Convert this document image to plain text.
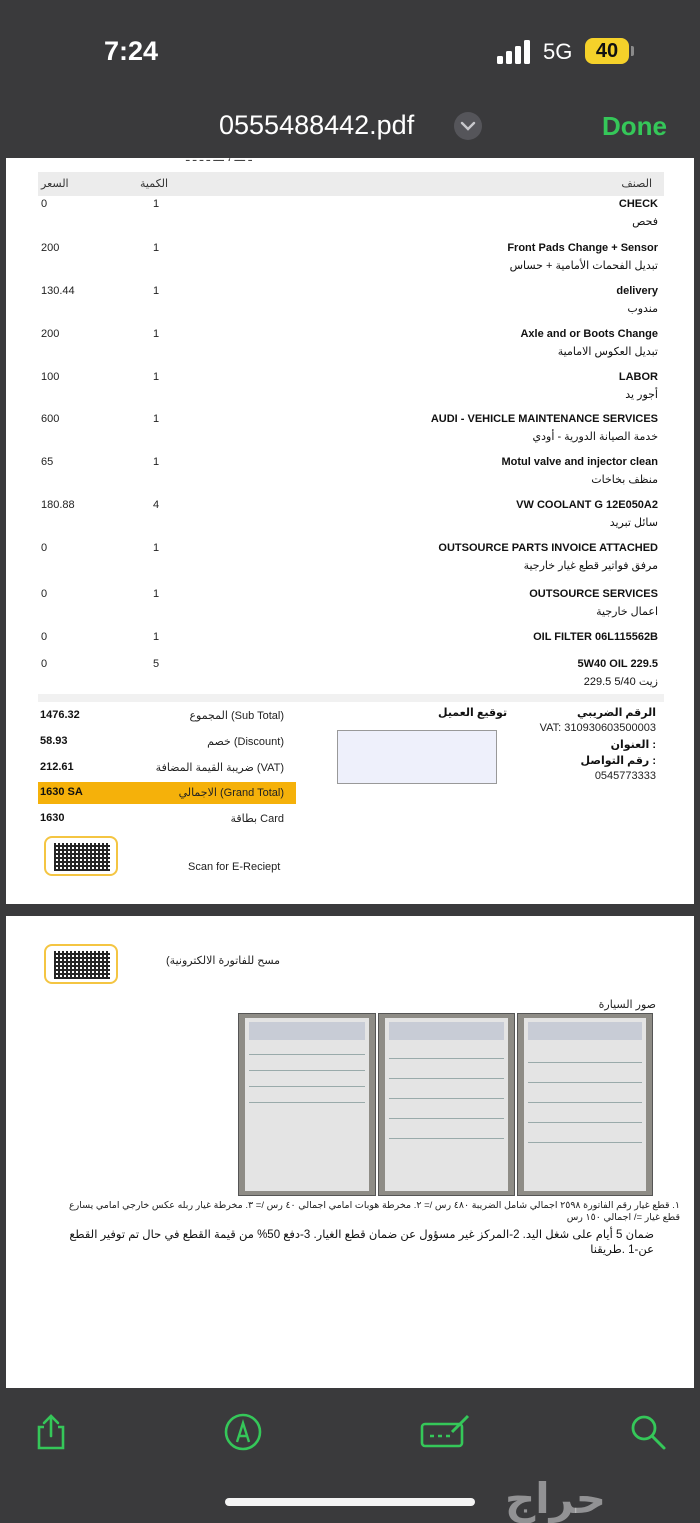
7:24	5G	40
0555488442.pdf	Done
ـ ـــ ، ـــ ـ ـ ـ ـ
السعر	الكمية	الصنف
0	1	CHECK
فحص
200	1	Front Pads Change + Sensor
تبديل الفحمات الأمامية + حساس
130.44	1	delivery
مندوب
200	1	Axle and or Boots Change
تبديل العكوس الامامية
100	1	LABOR
أجور يد
600	1	AUDI - VEHICLE MAINTENANCE SERVICES
خدمة الصيانة الدورية - أودي
65	1	Motul valve and injector clean
منظف بخاخات
180.88	4	VW COOLANT G 12E050A2
سائل تبريد
0	1	OUTSOURCE PARTS INVOICE ATTACHED
مرفق فواتير قطع غيار خارجية
0	1	OUTSOURCE SERVICES
اعمال خارجية
0	1	OIL FILTER 06L115562B
0	5	5W40 OIL 229.5
زيت 5/40 229.5
1476.32	المجموع (Sub Total)
58.93	خصم (Discount)
212.61	ضريبة القيمة المضافة (VAT)
1630 SA	الاجمالي (Grand Total)
1630	بطاقة Card
توقيع العميل	الرقم الضريبي
VAT: 310930603500003
العنوان :
رقم التواصل :
0545773333
Scan for E-Reciept
(مسح للفاتورة الالكترونية
صور السيارة
١. قطع غيار رقم الفاتورة ٢٥٩٨ اجمالي شامل الضريبة ٤٨٠ رس /= ٢. مخرطة هوبات امامي اجمالي ٤٠ رس /= ٣. مخرطة غيار ربله عكس خارجي امامي يسارع قطع غيار =/ اجمالي ١٥٠ رس
ضمان 5 أيام على شغل اليد. 2-المركز غير مسؤول عن ضمان قطع الغيار. 3-دفع 50% من قيمة القطع في حال تم توفير القطع عن-1 .طريقنا
حراج
